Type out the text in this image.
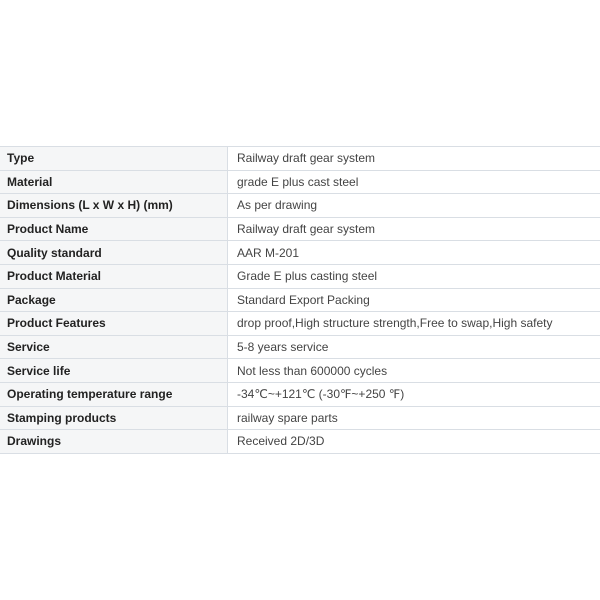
Type	Railway draft gear system
Material	grade E plus cast steel
Dimensions (L x W x H) (mm)	As per drawing
Product Name	Railway draft gear system
Quality standard	AAR M-201
Product Material	Grade E plus casting steel
Package	Standard Export Packing
Product Features	drop proof,High structure strength,Free to swap,High safety
Service	5-8 years service
Service life	Not less than 600000 cycles
Operating temperature range	-34℃~+121℃ (-30℉~+250 ℉)
Stamping products	railway spare parts
Drawings	Received 2D/3D
